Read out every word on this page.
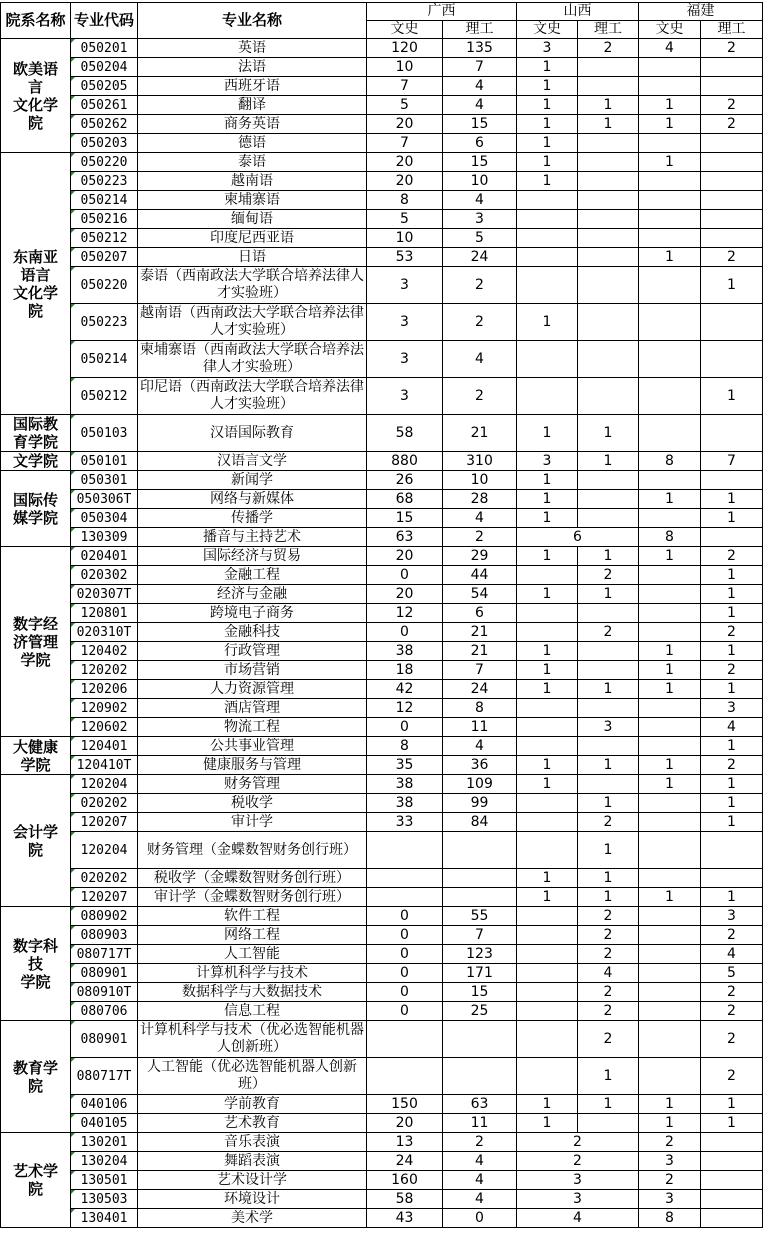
院系名称	专业代码	专业名称	广西		山西		福建	
			文史	理工	文史	理工	文史	理工
欧美语
言
文化学
院	050201	英语	120	135	3	2	4	2
	050204	法语	10	7	1			
	050205	西班牙语	7	4	1			
	050261	翻译	5	4	1	1	1	2
	050262	商务英语	20	15	1	1	1	2
	050203	德语	7	6	1			
东南亚
语言
文化学
院	050220	泰语	20	15	1		1	
	050223	越南语	20	10	1			
	050214	柬埔寨语	8	4				
	050216	缅甸语	5	3				
	050212	印度尼西亚语	10	5				
	050207	日语	53	24			1	2
	050220	泰语（西南政法大学联合培养法律人才实验班）	3	2				1
	050223	越南语（西南政法大学联合培养法律人才实验班）	3	2	1			
	050214	柬埔寨语（西南政法大学联合培养法律人才实验班）	3	4				
	050212	印尼语（西南政法大学联合培养法律人才实验班）	3	2				1
国际教
育学院	050103	汉语国际教育	58	21	1	1		
文学院	050101	汉语言文学	880	310	3	1	8	7
国际传
媒学院	050301	新闻学	26	10	1			
	050306T	网络与新媒体	68	28	1		1	1
	050304	传播学	15	4	1			1
	130309	播音与主持艺术	63	2	6		8	
数字经
济管理
学院	020401	国际经济与贸易	20	29	1	1	1	2
	020302	金融工程	0	44		2		1
	020307T	经济与金融	20	54	1	1		1
	120801	跨境电子商务	12	6				1
	020310T	金融科技	0	21		2		2
	120402	行政管理	38	21	1		1	1
	120202	市场营销	18	7	1		1	2
	120206	人力资源管理	42	24	1	1	1	1
	120902	酒店管理	12	8				3
	120602	物流工程	0	11		3		4
大健康
学院	120401	公共事业管理	8	4				1
	120410T	健康服务与管理	35	36	1	1	1	2
会计学
院	120204	财务管理	38	109	1		1	1
	020202	税收学	38	99		1		1
	120207	审计学	33	84		2		1
	120204	财务管理（金蝶数智财务创行班）				1		
	020202	税收学（金蝶数智财务创行班）			1	1		
	120207	审计学（金蝶数智财务创行班）			1	1	1	1
数字科
技
学院	080902	软件工程	0	55		2		3
	080903	网络工程	0	7		2		2
	080717T	人工智能	0	123		2		4
	080901	计算机科学与技术	0	171		4		5
	080910T	数据科学与大数据技术	0	15		2		2
	080706	信息工程	0	25		2		2
教育学
院	080901	计算机科学与技术（优必选智能机器人创新班）				2		2
	080717T	人工智能（优必选智能机器人创新班）				1		2
	040106	学前教育	150	63	1	1	1	1
	040105	艺术教育	20	11	1		1	1
艺术学
院	130201	音乐表演	13	2	2		2	
	130204	舞蹈表演	24	4	2		3	
	130501	艺术设计学	160	4	3		2	
	130503	环境设计	58	4	3		3	
	130401	美术学	43	0	4		8	
